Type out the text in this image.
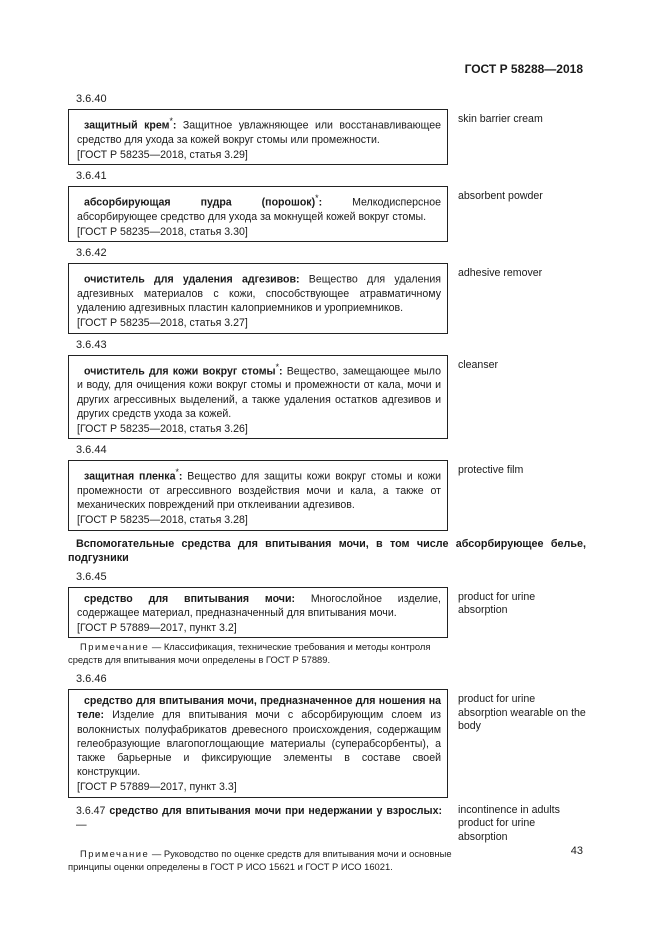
ГОСТ Р 58288—2018
3.6.40
защитный крем*: Защитное увлажняющее или восстанавливающее средство для ухода за кожей вокруг стомы или промежности.
[ГОСТ Р 58235—2018, статья 3.29]
skin barrier cream
3.6.41
абсорбирующая пудра (порошок)*: Мелкодисперсное абсорбирующее средство для ухода за мокнущей кожей вокруг стомы.
[ГОСТ Р 58235—2018, статья 3.30]
absorbent powder
3.6.42
очиститель для удаления адгезивов: Вещество для удаления адгезивных материалов с кожи, способствующее атравматичному удалению адгезивных пластин калоприемников и уроприемников.
[ГОСТ Р 58235—2018, статья 3.27]
adhesive remover
3.6.43
очиститель для кожи вокруг стомы*: Вещество, замещающее мыло и воду, для очищения кожи вокруг стомы и промежности от кала, мочи и других агрессивных выделений, а также удаления остатков адгезивов и других средств ухода за кожей.
[ГОСТ Р 58235—2018, статья 3.26]
cleanser
3.6.44
защитная пленка*: Вещество для защиты кожи вокруг стомы и кожи промежности от агрессивного воздействия мочи и кала, а также от механических повреждений при отклеивании адгезивов.
[ГОСТ Р 58235—2018, статья 3.28]
protective film
Вспомогательные средства для впитывания мочи, в том числе абсорбирующее белье, подгузники
3.6.45
средство для впитывания мочи: Многослойное изделие, содержащее материал, предназначенный для впитывания мочи.
[ГОСТ Р 57889—2017, пункт 3.2]
product for urine absorption
Примечание — Классификация, технические требования и методы контроля средств для впитывания мочи определены в ГОСТ Р 57889.
3.6.46
средство для впитывания мочи, предназначенное для ношения на теле: Изделие для впитывания мочи с абсорбирующим слоем из волокнистых полуфабрикатов древесного происхождения, содержащим гелеобразующие влагопоглощающие материалы (суперабсорбенты), а также барьерные и фиксирующие элементы в составе своей конструкции.
[ГОСТ Р 57889—2017, пункт 3.3]
product for urine absorption wearable on the body
3.6.47 средство для впитывания мочи при недержании у взрослых: —
incontinence in adults product for urine absorption
Примечание — Руководство по оценке средств для впитывания мочи и основные принципы оценки определены в ГОСТ Р ИСО 15621 и ГОСТ Р ИСО 16021.
43
